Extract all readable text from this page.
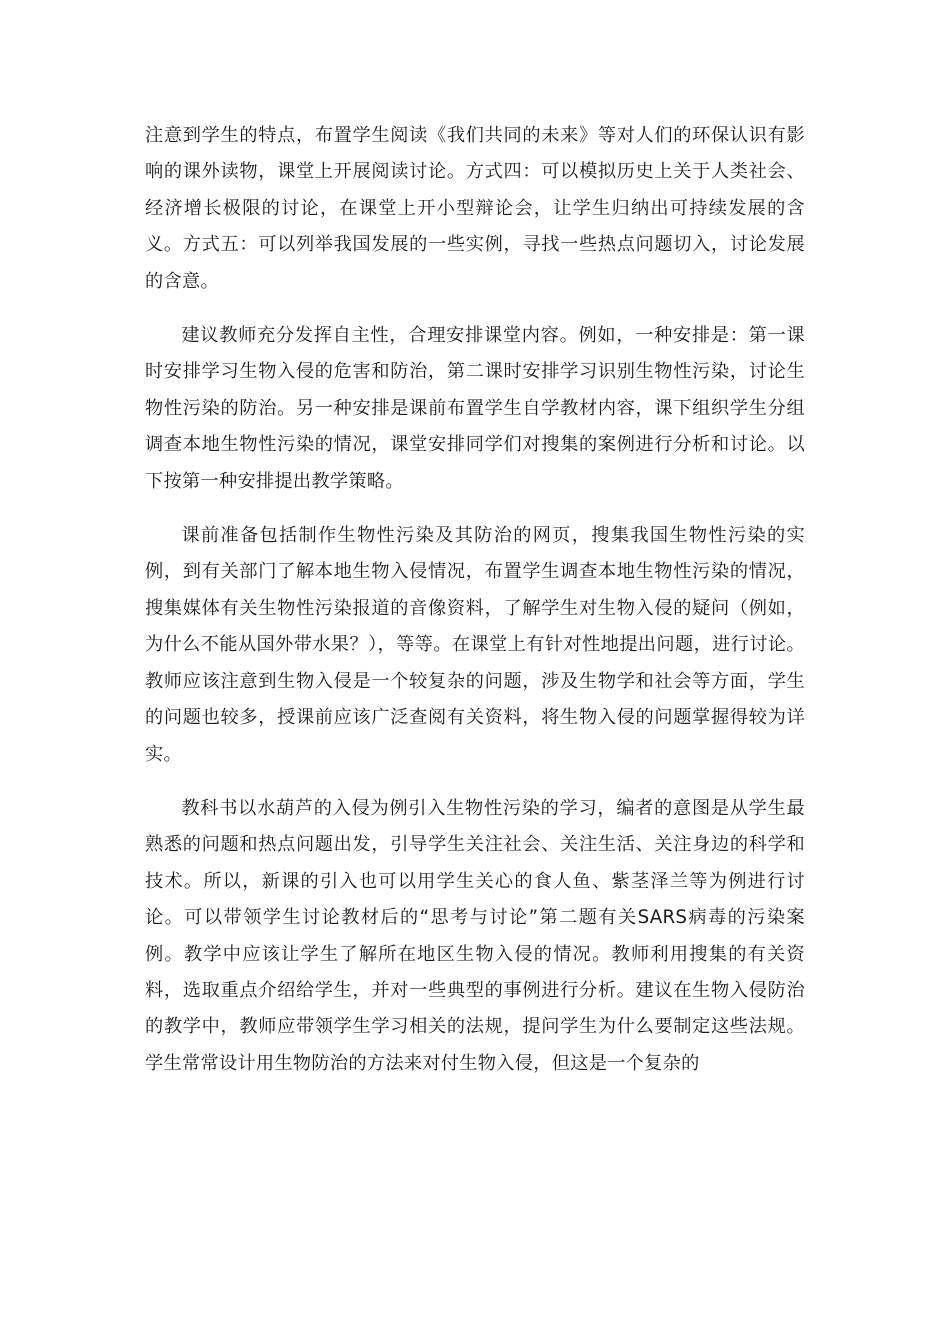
注意到学生的特点，布置学生阅读《我们共同的未来》等对人们的环保认识有影响的课外读物，课堂上开展阅读讨论。方式四：可以模拟历史上关于人类社会、经济增长极限的讨论，在课堂上开小型辩论会，让学生归纳出可持续发展的含义。方式五：可以列举我国发展的一些实例，寻找一些热点问题切入，讨论发展的含意。

建议教师充分发挥自主性，合理安排课堂内容。例如，一种安排是：第一课时安排学习生物入侵的危害和防治，第二课时安排学习识别生物性污染，讨论生物性污染的防治。另一种安排是课前布置学生自学教材内容，课下组织学生分组调查本地生物性污染的情况，课堂安排同学们对搜集的案例进行分析和讨论。以下按第一种安排提出教学策略。

课前准备包括制作生物性污染及其防治的网页，搜集我国生物性污染的实例，到有关部门了解本地生物入侵情况，布置学生调查本地生物性污染的情况，搜集媒体有关生物性污染报道的音像资料，了解学生对生物入侵的疑问（例如，为什么不能从国外带水果？），等等。在课堂上有针对性地提出问题，进行讨论。教师应该注意到生物入侵是一个较复杂的问题，涉及生物学和社会等方面，学生的问题也较多，授课前应该广泛查阅有关资料，将生物入侵的问题掌握得较为详实。

教科书以水葫芦的入侵为例引入生物性污染的学习，编者的意图是从学生最熟悉的问题和热点问题出发，引导学生关注社会、关注生活、关注身边的科学和技术。所以，新课的引入也可以用学生关心的食人鱼、紫茎泽兰等为例进行讨论。可以带领学生讨论教材后的“思考与讨论”第二题有关SARS病毒的污染案例。教学中应该让学生了解所在地区生物入侵的情况。教师利用搜集的有关资料，选取重点介绍给学生，并对一些典型的事例进行分析。建议在生物入侵防治的教学中，教师应带领学生学习相关的法规，提问学生为什么要制定这些法规。学生常常设计用生物防治的方法来对付生物入侵，但这是一个复杂的
